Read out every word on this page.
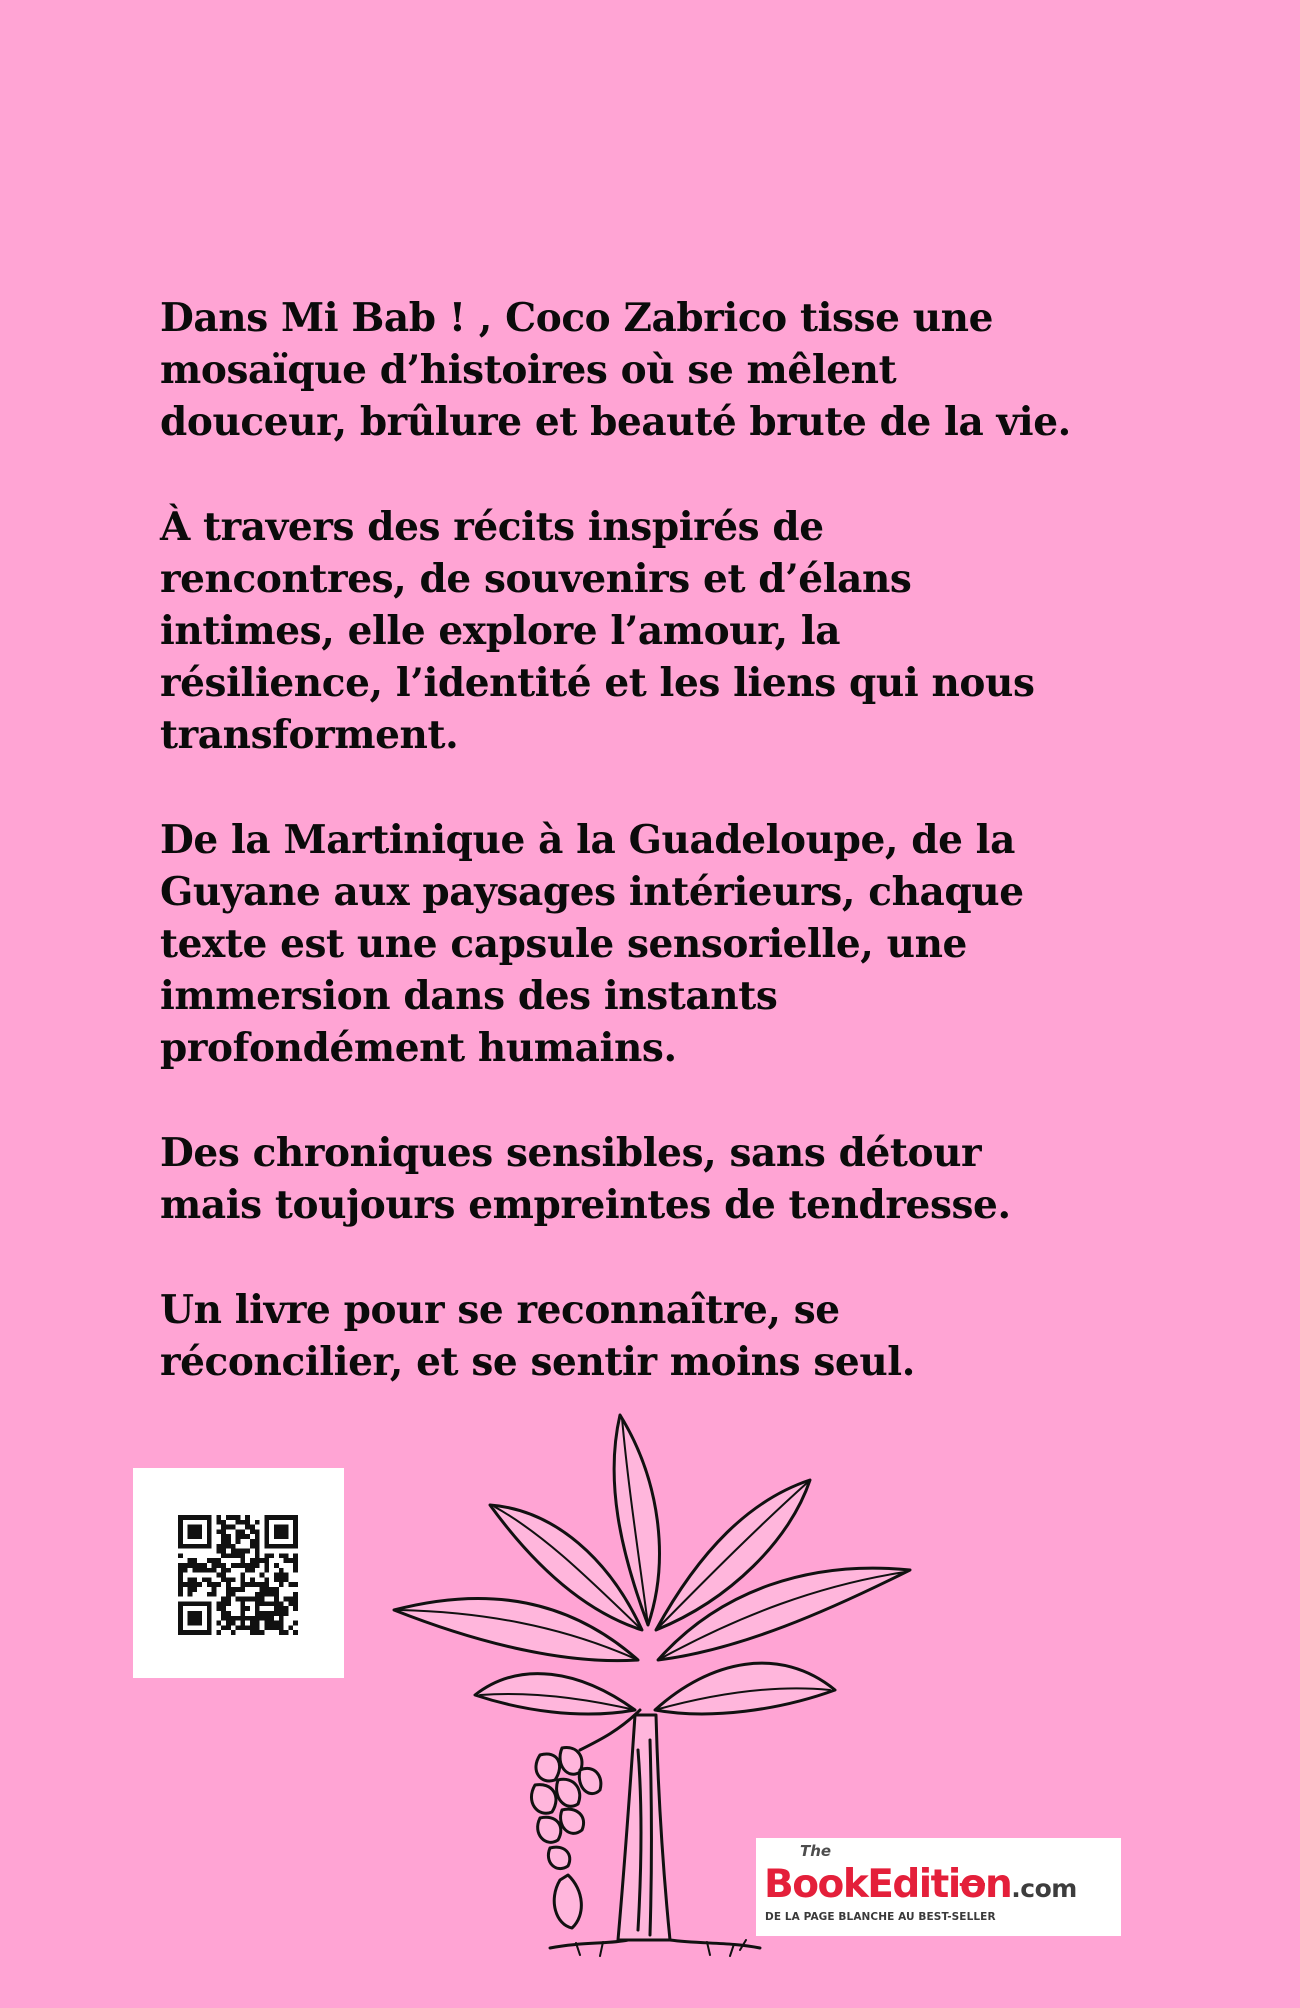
Dans Mi Bab ! , Coco Zabrico tisse une
mosaïque d’histoires où se mêlent
douceur, brûlure et beauté brute de la vie.

À travers des récits inspirés de
rencontres, de souvenirs et d’élans
intimes, elle explore l’amour, la
résilience, l’identité et les liens qui nous
transforment.

De la Martinique à la Guadeloupe, de la
Guyane aux paysages intérieurs, chaque
texte est une capsule sensorielle, une
immersion dans des instants
profondément humains.

Des chroniques sensibles, sans détour
mais toujours empreintes de tendresse.

Un livre pour se reconnaître, se
réconcilier, et se sentir moins seul.

The
BookEdition.com
DE LA PAGE BLANCHE AU BEST-SELLER
